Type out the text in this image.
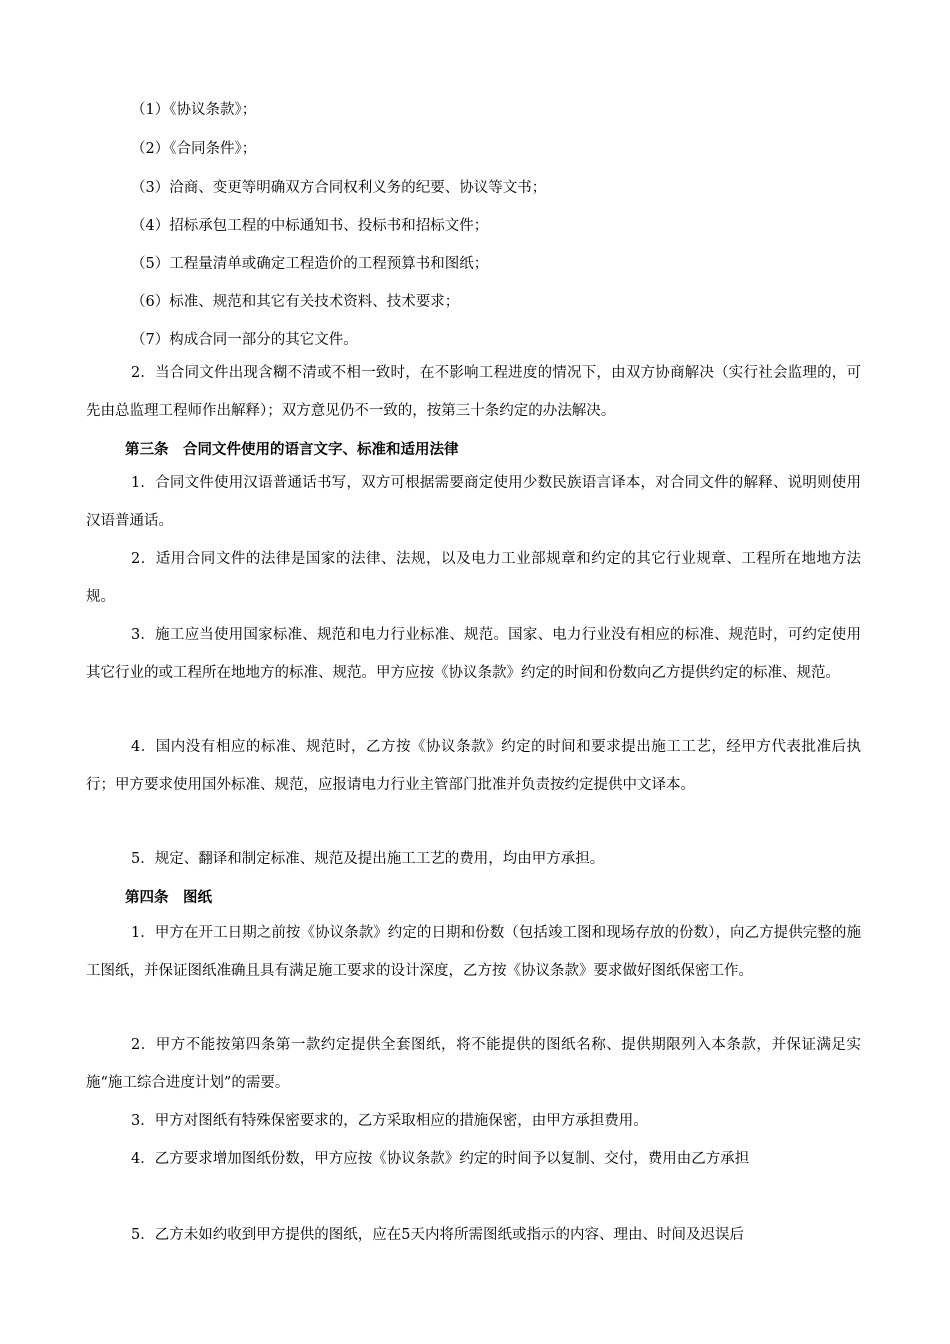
（1）《协议条款》；
（2）《合同条件》；
（3）洽商、变更等明确双方合同权利义务的纪要、协议等文书；
（4）招标承包工程的中标通知书、投标书和招标文件；
（5）工程量清单或确定工程造价的工程预算书和图纸；
（6）标准、规范和其它有关技术资料、技术要求；
（7）构成合同一部分的其它文件。
2．当合同文件出现含糊不清或不相一致时，在不影响工程进度的情况下，由双方协商解决（实行社会监理的，可先由总监理工程师作出解释）；双方意见仍不一致的，按第三十条约定的办法解决。
第三条　合同文件使用的语言文字、标准和适用法律
1．合同文件使用汉语普通话书写，双方可根据需要商定使用少数民族语言译本，对合同文件的解释、说明则使用汉语普通话。
2．适用合同文件的法律是国家的法律、法规，以及电力工业部规章和约定的其它行业规章、工程所在地地方法规。
3．施工应当使用国家标准、规范和电力行业标准、规范。国家、电力行业没有相应的标准、规范时，可约定使用其它行业的或工程所在地地方的标准、规范。甲方应按《协议条款》约定的时间和份数向乙方提供约定的标准、规范。
4．国内没有相应的标准、规范时，乙方按《协议条款》约定的时间和要求提出施工工艺，经甲方代表批准后执行；甲方要求使用国外标准、规范，应报请电力行业主管部门批准并负责按约定提供中文译本。
5．规定、翻译和制定标准、规范及提出施工工艺的费用，均由甲方承担。
第四条　图纸
1．甲方在开工日期之前按《协议条款》约定的日期和份数（包括竣工图和现场存放的份数），向乙方提供完整的施工图纸，并保证图纸准确且具有满足施工要求的设计深度，乙方按《协议条款》要求做好图纸保密工作。
2．甲方不能按第四条第一款约定提供全套图纸，将不能提供的图纸名称、提供期限列入本条款，并保证满足实施“施工综合进度计划”的需要。
3．甲方对图纸有特殊保密要求的，乙方采取相应的措施保密，由甲方承担费用。
4．乙方要求增加图纸份数，甲方应按《协议条款》约定的时间予以复制、交付，费用由乙方承担
5．乙方未如约收到甲方提供的图纸，应在5天内将所需图纸或指示的内容、理由、时间及迟误后
